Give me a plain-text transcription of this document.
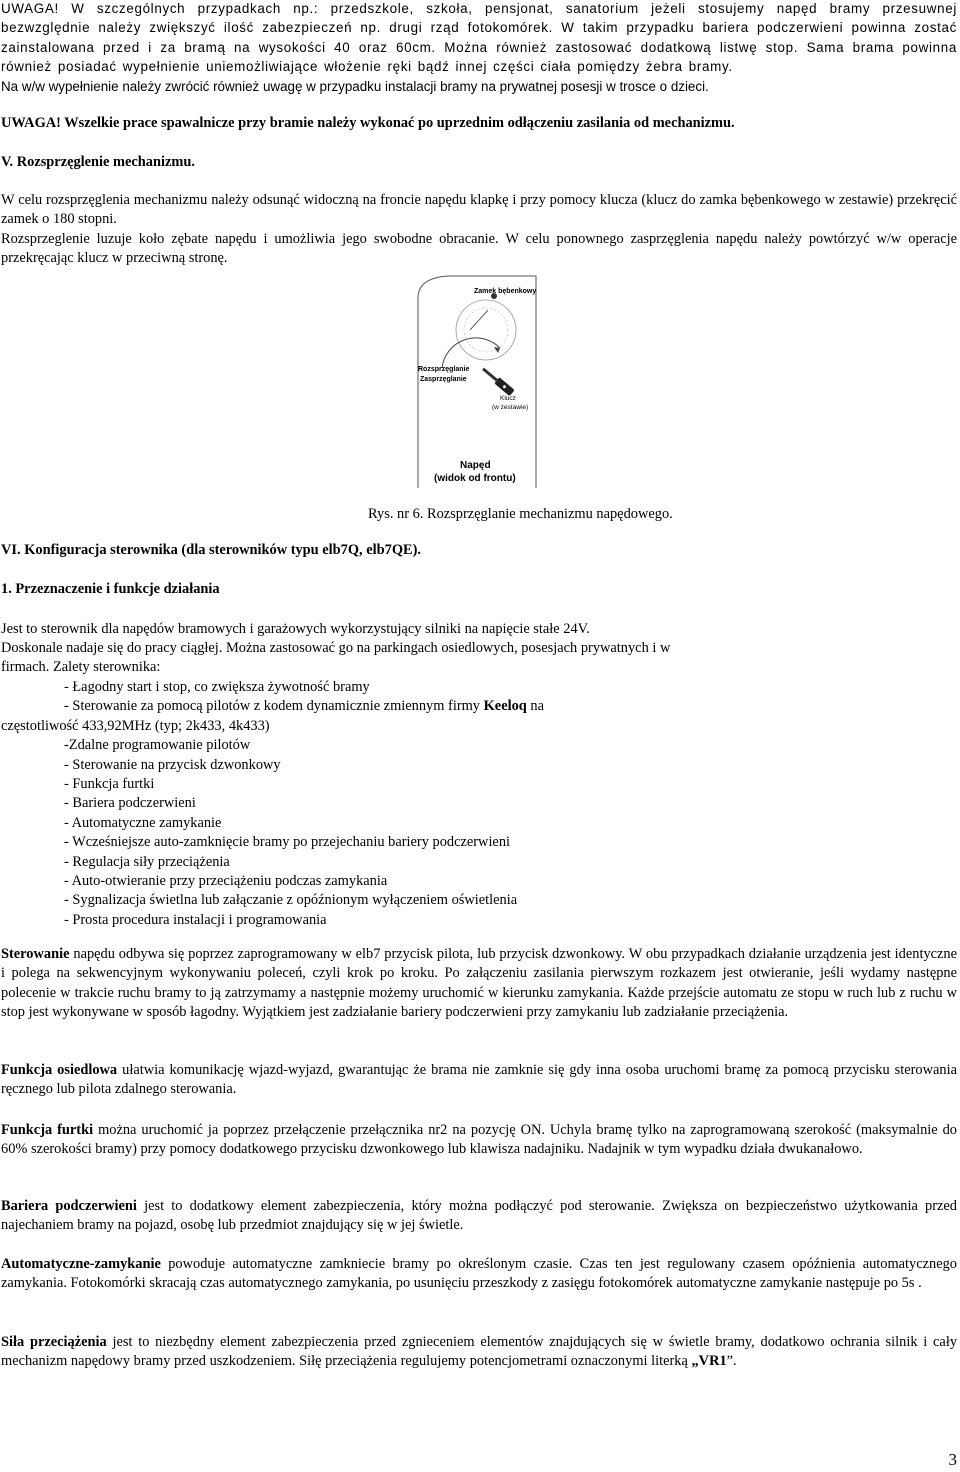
UWAGA! W szczególnych przypadkach np.: przedszkole, szkoła, pensjonat, sanatorium jeżeli stosujemy napęd bramy przesuwnej bezwzględnie należy zwiększyć ilość zabezpieczeń np. drugi rząd fotokomórek. W takim przypadku bariera podczerwieni powinna zostać zainstalowana przed i za bramą na wysokości 40 oraz 60cm. Można również zastosować dodatkową listwę stop. Sama brama powinna również posiadać wypełnienie uniemożliwiające włożenie ręki bądź innej części ciała pomiędzy żebra bramy.

Na w/w wypełnienie należy zwrócić również uwagę w przypadku instalacji bramy na prywatnej posesji w trosce o dzieci.

UWAGA! Wszelkie prace spawalnicze przy bramie należy wykonać po uprzednim odłączeniu zasilania od mechanizmu.

V. Rozsprzęglenie mechanizmu.

W celu rozsprzęglenia mechanizmu należy odsunąć widoczną na froncie napędu klapkę i przy pomocy klucza (klucz do zamka bębenkowego w zestawie) przekręcić zamek o 180 stopni.

Rozsprzeglenie luzuje koło zębate napędu i umożliwia jego swobodne obracanie. W celu ponownego zasprzęglenia napędu należy powtórzyć w/w operacje przekręcając klucz w przeciwną stronę.

Zamek bębenkowy
Rozsprzęglanie
Zasprzęglanie
Klucz
(w zestawie)
Napęd
(widok od frontu)
Rys. nr 6. Rozsprzęglanie mechanizmu napędowego.

VI. Konfiguracja sterownika (dla sterowników typu elb7Q, elb7QE).

1. Przeznaczenie i funkcje działania

Jest to sterownik dla napędów bramowych i garażowych wykorzystujący silniki na napięcie stałe 24V.

Doskonale nadaje się do pracy ciągłej. Można zastosować go na parkingach osiedlowych, posesjach prywatnych i w firmach. Zalety sterownika:

- Łagodny start i stop, co zwiększa żywotność bramy
- Sterowanie za pomocą pilotów z kodem dynamicznie zmiennym firmy Keeloq na
częstotliwość 433,92MHz (typ; 2k433, 4k433)
-Zdalne programowanie pilotów
- Sterowanie na przycisk dzwonkowy
- Funkcja furtki
- Bariera podczerwieni
- Automatyczne zamykanie
- Wcześniejsze auto-zamknięcie bramy po przejechaniu bariery podczerwieni
- Regulacja siły przeciążenia
- Auto-otwieranie przy przeciążeniu podczas zamykania
- Sygnalizacja świetlna lub załączanie z opóźnionym wyłączeniem oświetlenia
- Prosta procedura instalacji i programowania

Sterowanie napędu odbywa się poprzez zaprogramowany w elb7 przycisk pilota, lub przycisk dzwonkowy. W obu przypadkach działanie urządzenia jest identyczne i polega na sekwencyjnym wykonywaniu poleceń, czyli krok po kroku. Po załączeniu zasilania pierwszym rozkazem jest otwieranie, jeśli wydamy następne polecenie w trakcie ruchu bramy to ją zatrzymamy a następnie możemy uruchomić w kierunku zamykania. Każde przejście automatu ze stopu w ruch lub z ruchu w stop jest wykonywane w sposób łagodny. Wyjątkiem jest zadziałanie bariery podczerwieni przy zamykaniu lub zadziałanie przeciążenia.

Funkcja osiedlowa ułatwia komunikację wjazd-wyjazd, gwarantując że brama nie zamknie się gdy inna osoba uruchomi bramę za pomocą przycisku sterowania ręcznego lub pilota zdalnego sterowania.

Funkcja furtki można uruchomić ja poprzez przełączenie przełącznika nr2 na pozycję ON. Uchyla bramę tylko na zaprogramowaną szerokość (maksymalnie do 60% szerokości bramy) przy pomocy dodatkowego przycisku dzwonkowego lub klawisza nadajniku. Nadajnik w tym wypadku działa dwukanałowo.

Bariera podczerwieni jest to dodatkowy element zabezpieczenia, który można podłączyć pod sterowanie. Zwiększa on bezpieczeństwo użytkowania przed najechaniem bramy na pojazd, osobę lub przedmiot znajdujący się w jej świetle.

Automatyczne-zamykanie powoduje automatyczne zamkniecie bramy po określonym czasie. Czas ten jest regulowany czasem opóźnienia automatycznego zamykania. Fotokomórki skracają czas automatycznego zamykania, po usunięciu przeszkody z zasięgu fotokomórek automatyczne zamykanie następuje po 5s .

Siła przeciążenia jest to niezbędny element zabezpieczenia przed zgnieceniem elementów znajdujących się w świetle bramy, dodatkowo ochrania silnik i cały mechanizm napędowy bramy przed uszkodzeniem. Siłę przeciążenia regulujemy potencjometrami oznaczonymi literką „VR1”.

3
